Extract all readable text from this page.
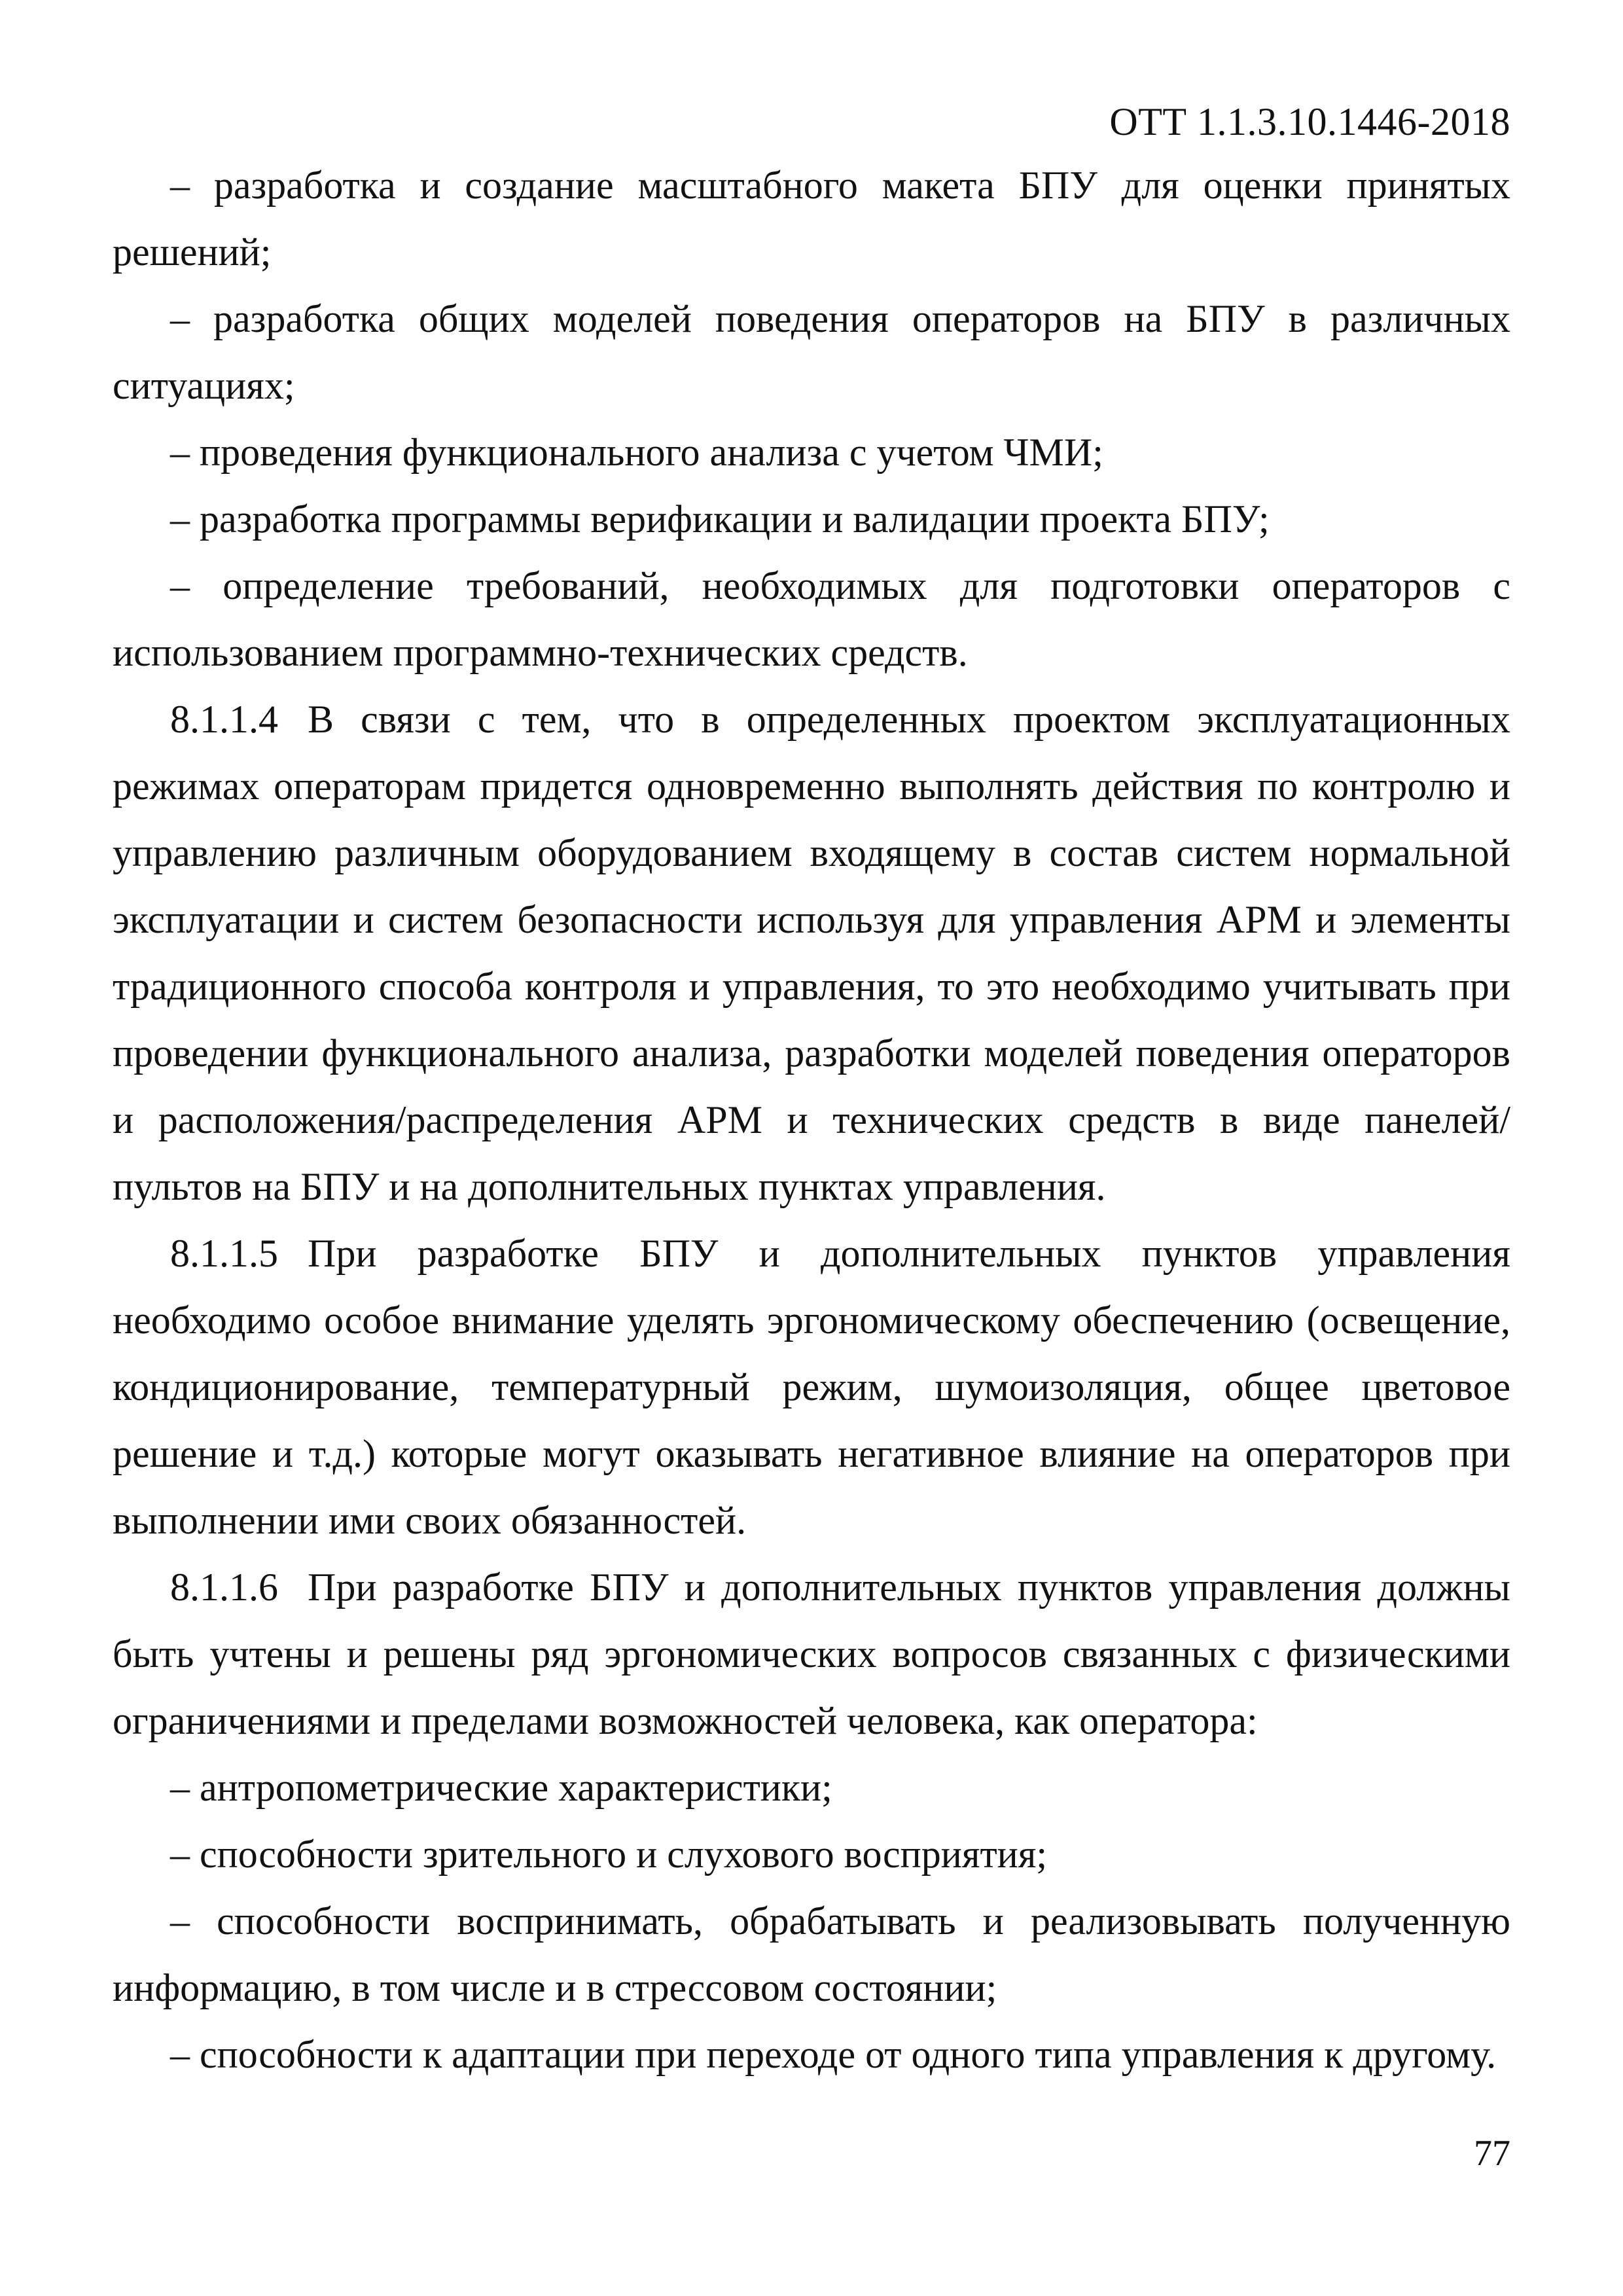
ОТТ 1.1.3.10.1446-2018

– разработка и создание масштабного макета БПУ для оценки принятых решений;

– разработка общих моделей поведения операторов на БПУ в различных ситуациях;

– проведения функционального анализа с учетом ЧМИ;

– разработка программы верификации и валидации проекта БПУ;

– определение требований, необходимых для подготовки операторов с использованием программно-технических средств.

8.1.1.4 В связи с тем, что в определенных проектом эксплуатационных режимах операторам придется одновременно выполнять действия по контролю и управлению различным оборудованием входящему в состав систем нормальной эксплуатации и систем безопасности используя для управления АРМ и элементы традиционного способа контроля и управления, то это необходимо учитывать при проведении функционального анализа, разработки моделей поведения операторов и расположения/распределения АРМ и технических средств в виде панелей/пультов на БПУ и на дополнительных пунктах управления.

8.1.1.5 При разработке БПУ и дополнительных пунктов управления необходимо особое внимание уделять эргономическому обеспечению (освещение, кондиционирование, температурный режим, шумоизоляция, общее цветовое решение и т.д.) которые могут оказывать негативное влияние на операторов при выполнении ими своих обязанностей.

8.1.1.6 При разработке БПУ и дополнительных пунктов управления должны быть учтены и решены ряд эргономических вопросов связанных с физическими ограничениями и пределами возможностей человека, как оператора:

– антропометрические характеристики;

– способности зрительного и слухового восприятия;

– способности воспринимать, обрабатывать и реализовывать полученную информацию, в том числе и в стрессовом состоянии;

– способности к адаптации при переходе от одного типа управления к другому.

77
